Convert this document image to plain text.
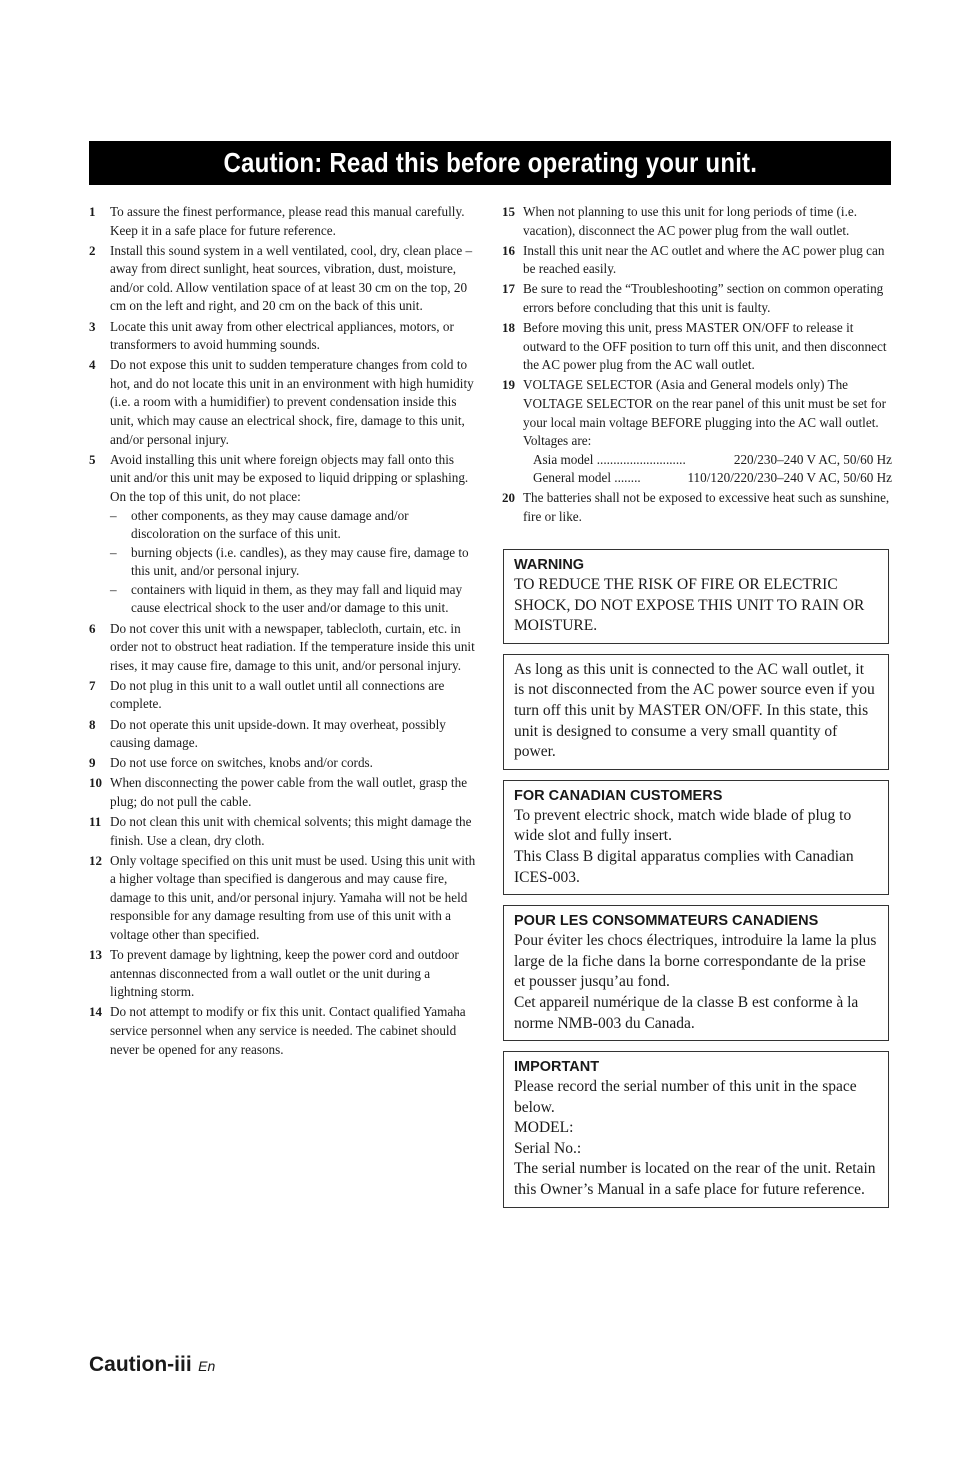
Caution: Read this before operating your unit.
1	To assure the finest performance, please read this manual carefully. Keep it in a safe place for future reference.
2	Install this sound system in a well ventilated, cool, dry, clean place – away from direct sunlight, heat sources, vibration, dust, moisture, and/or cold. Allow ventilation space of at least 30 cm on the top, 20 cm on the left and right, and 20 cm on the back of this unit.
3	Locate this unit away from other electrical appliances, motors, or transformers to avoid humming sounds.
4	Do not expose this unit to sudden temperature changes from cold to hot, and do not locate this unit in an environment with high humidity (i.e. a room with a humidifier) to prevent condensation inside this unit, which may cause an electrical shock, fire, damage to this unit, and/or personal injury.
5	Avoid installing this unit where foreign objects may fall onto this unit and/or this unit may be exposed to liquid dripping or splashing. On the top of this unit, do not place:
–	other components, as they may cause damage and/or discoloration on the surface of this unit.
–	burning objects (i.e. candles), as they may cause fire, damage to this unit, and/or personal injury.
–	containers with liquid in them, as they may fall and liquid may cause electrical shock to the user and/or damage to this unit.
6	Do not cover this unit with a newspaper, tablecloth, curtain, etc. in order not to obstruct heat radiation. If the temperature inside this unit rises, it may cause fire, damage to this unit, and/or personal injury.
7	Do not plug in this unit to a wall outlet until all connections are complete.
8	Do not operate this unit upside-down. It may overheat, possibly causing damage.
9	Do not use force on switches, knobs and/or cords.
10 When disconnecting the power cable from the wall outlet, grasp the plug; do not pull the cable.
11 Do not clean this unit with chemical solvents; this might damage the finish. Use a clean, dry cloth.
12 Only voltage specified on this unit must be used. Using this unit with a higher voltage than specified is dangerous and may cause fire, damage to this unit, and/or personal injury. Yamaha will not be held responsible for any damage resulting from use of this unit with a voltage other than specified.
13 To prevent damage by lightning, keep the power cord and outdoor antennas disconnected from a wall outlet or the unit during a lightning storm.
14 Do not attempt to modify or fix this unit. Contact qualified Yamaha service personnel when any service is needed. The cabinet should never be opened for any reasons.
15 When not planning to use this unit for long periods of time (i.e. vacation), disconnect the AC power plug from the wall outlet.
16 Install this unit near the AC outlet and where the AC power plug can be reached easily.
17 Be sure to read the “Troubleshooting” section on common operating errors before concluding that this unit is faulty.
18 Before moving this unit, press MASTER ON/OFF to release it outward to the OFF position to turn off this unit, and then disconnect the AC power plug from the AC wall outlet.
19 VOLTAGE SELECTOR (Asia and General models only) The VOLTAGE SELECTOR on the rear panel of this unit must be set for your local main voltage BEFORE plugging into the AC wall outlet. Voltages are:
Asia model ...........................	220/230–240 V AC, 50/60 Hz
General model ........	110/120/220/230–240 V AC, 50/60 Hz
20 The batteries shall not be exposed to excessive heat such as sunshine, fire or like.
WARNING

TO REDUCE THE RISK OF FIRE OR ELECTRIC SHOCK, DO NOT EXPOSE THIS UNIT TO RAIN OR MOISTURE.

As long as this unit is connected to the AC wall outlet, it is not disconnected from the AC power source even if you turn off this unit by MASTER ON/OFF. In this state, this unit is designed to consume a very small quantity of power.

FOR CANADIAN CUSTOMERS

To prevent electric shock, match wide blade of plug to wide slot and fully insert.

This Class B digital apparatus complies with Canadian ICES-003.

POUR LES CONSOMMATEURS CANADIENS

Pour éviter les chocs électriques, introduire la lame la plus large de la fiche dans la borne correspondante de la prise et pousser jusqu’au fond.

Cet appareil numérique de la classe B est conforme à la norme NMB-003 du Canada.

IMPORTANT

Please record the serial number of this unit in the space below.

MODEL:

Serial No.:

The serial number is located on the rear of the unit. Retain this Owner’s Manual in a safe place for future reference.

Caution-iii En
